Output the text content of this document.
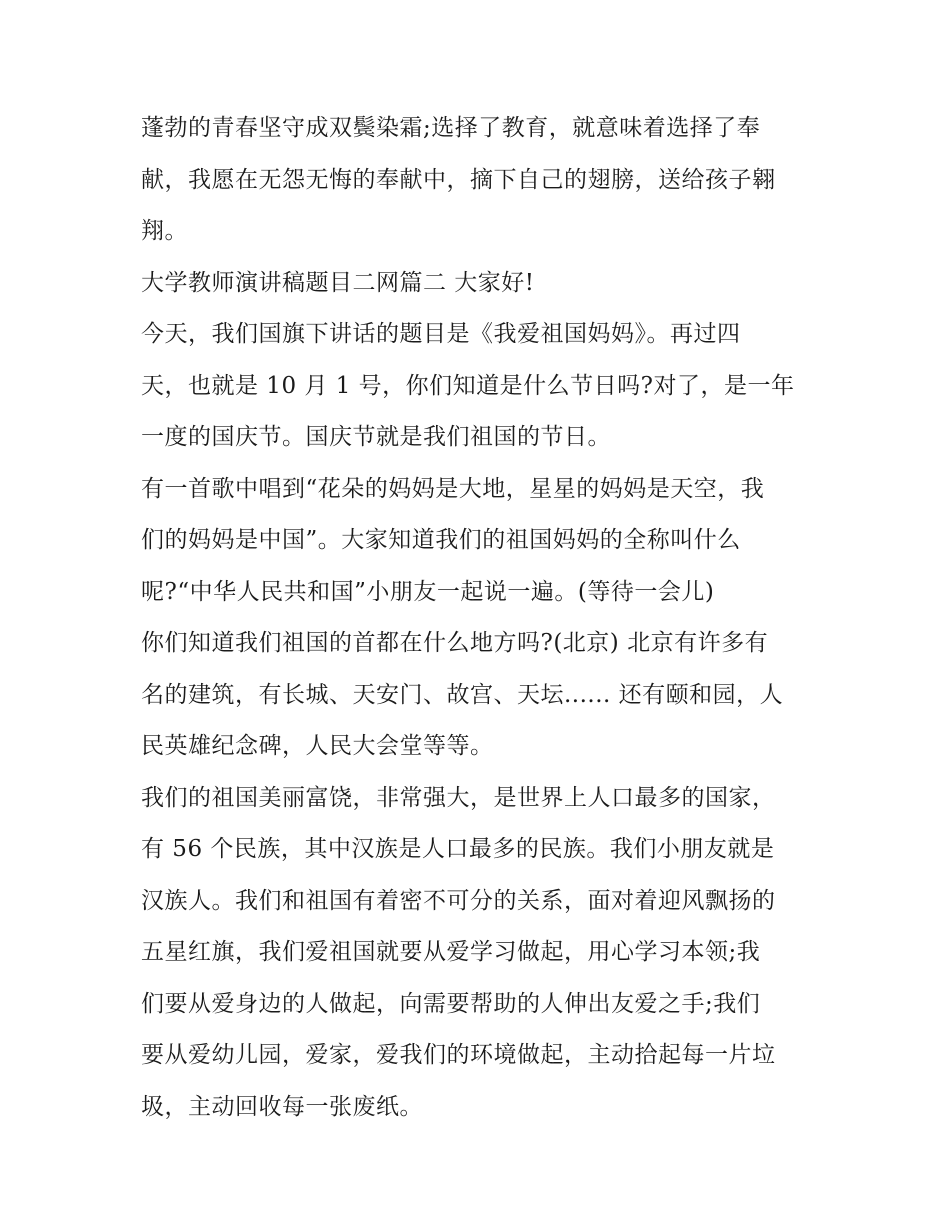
蓬勃的青春坚守成双鬓染霜;选择了教育，就意味着选择了奉
献，我愿在无怨无悔的奉献中，摘下自己的翅膀，送给孩子翱
翔。
大学教师演讲稿题目二网篇二 大家好!
今天，我们国旗下讲话的题目是《我爱祖国妈妈》。再过四
天，也就是 10 月 1 号，你们知道是什么节日吗?对了，是一年
一度的国庆节。国庆节就是我们祖国的节日。
有一首歌中唱到“花朵的妈妈是大地，星星的妈妈是天空，我
们的妈妈是中国”。大家知道我们的祖国妈妈的全称叫什么
呢?“中华人民共和国”小朋友一起说一遍。(等待一会儿)
你们知道我们祖国的首都在什么地方吗?(北京) 北京有许多有
名的建筑，有长城、天安门、故宫、天坛...... 还有颐和园，人
民英雄纪念碑，人民大会堂等等。
我们的祖国美丽富饶，非常强大，是世界上人口最多的国家，
有 56 个民族，其中汉族是人口最多的民族。我们小朋友就是
汉族人。我们和祖国有着密不可分的关系，面对着迎风飘扬的
五星红旗，我们爱祖国就要从爱学习做起，用心学习本领;我
们要从爱身边的人做起，向需要帮助的人伸出友爱之手;我们
要从爱幼儿园，爱家，爱我们的环境做起，主动拾起每一片垃
圾，主动回收每一张废纸。
